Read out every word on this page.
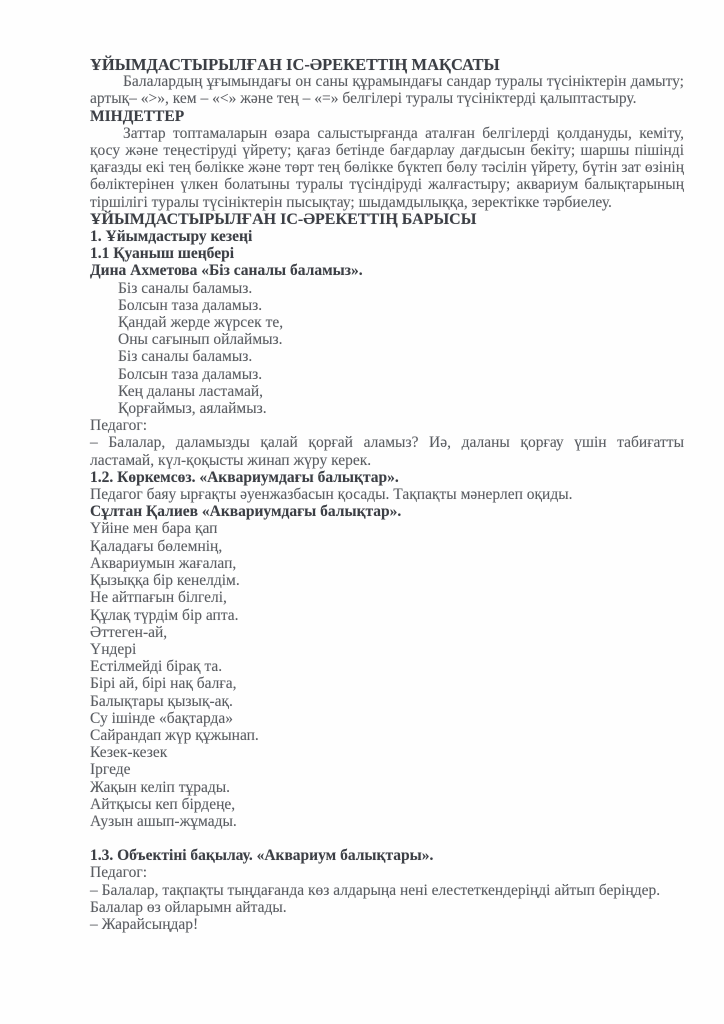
ҰЙЫМДАСТЫРЫЛҒАН ІС-ӘРЕКЕТТІҢ МАҚСАТЫ

Балалардың ұғымындағы он саны құрамындағы сандар туралы түсініктерін дамыту; артық– «>», кем – «<» және тең – «=» белгілері туралы түсініктерді қалыптастыру.

МІНДЕТТЕР

Заттар топтамаларын өзара салыстырғанда аталған белгілерді қолдануды, кеміту, қосу және теңестіруді үйрету; қағаз бетінде бағдарлау дағдысын бекіту; шаршы пішінді қағазды екі тең бөлікке және төрт тең бөлікке бүктеп бөлу тәсілін үйрету, бүтін зат өзінің бөліктерінен үлкен болатыны туралы түсіндіруді жалғастыру; аквариум балықтарының тіршілігі туралы түсініктерін пысықтау; шыдамдылыққа, зеректікке тәрбиелеу.

ҰЙЫМДАСТЫРЫЛҒАН ІС-ӘРЕКЕТТІҢ БАРЫСЫ

1. Ұйымдастыру кезеңі

1.1 Қуаныш шеңбері

Дина Ахметова «Біз саналы баламыз».

Біз саналы баламыз.
Болсын таза даламыз.
Қандай жерде жүрсек те,
Оны сағынып ойлаймыз.
Біз саналы баламыз.
Болсын таза даламыз.
Кең даланы ластамай,
Қорғаймыз, аялаймыз.

Педагог:

– Балалар, даламызды қалай қорғай аламыз? Иә, даланы қорғау үшін табиғатты ластамай, күл-қоқысты жинап жүру керек.

1.2. Көркемсөз. «Аквариумдағы балықтар».

Педагог баяу ырғақты әуенжазбасын қосады. Тақпақты мәнерлеп оқиды.

Сұлтан Қалиев «Аквариумдағы балықтар».

Үйіне мен бара қап
Қаладағы бөлемнің,
Аквариумын жағалап,
Қызыққа бір кенелдім.
Не айтпағын білгелі,
Құлақ түрдім бір апта.
Әттеген-ай,
Үндері
Естілмейді бірақ та.
Бірі ай, бірі нақ балға,
Балықтары қызық-ақ.
Су ішінде «бақтарда»
Сайрандап жүр құжынап.
Кезек-кезек
Іргеде
Жақын келіп тұрады.
Айтқысы кеп бірдеңе,
Аузын ашып-жұмады.

1.3. Объектіні бақылау. «Аквариум балықтары».

Педагог:

– Балалар, тақпақты тыңдағанда көз алдарыңа нені елестеткендеріңді айтып беріңдер.

Балалар өз ойларымн айтады.

– Жарайсыңдар!
